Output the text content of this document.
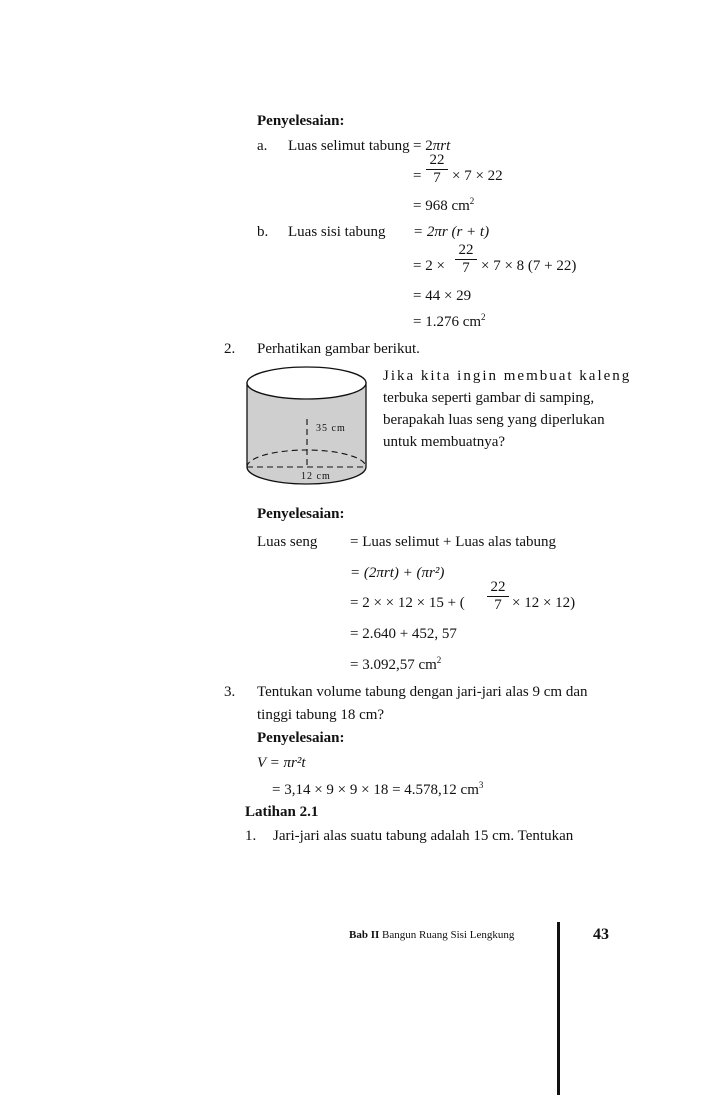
Penyelesaian:
a. Luas selimut tabung = 2πrt
= $\frac{22}{7} \times 7 \times 22$
= 968 $cm^2$
b. Luas sisi tabung = 2πr (r + t)
= $2 \times \frac{22}{7} \times 7 \times 8$ (7 + 22)
= 44 × 29
= 1.276 $cm^2$
2. Perhatikan gambar berikut.
35 cm
12 cm
Jika kita ingin membuat kaleng
terbuka seperti gambar di samping,
berapakah luas seng yang diperlukan
untuk membuatnya?
Penyelesaian:
Luas seng = Luas selimut + Luas alas tabung
= (2πrt) + (πr²)
= 2 × × 12 × 15 + ( $\frac{22}{7} \times 12 \times 12$)
= 2.640 + 452, 57
= 3.092,57 $cm^2$
3. Tentukan volume tabung dengan jari-jari alas 9 cm dan
tinggi tabung 18 cm?
Penyelesaian:
V = πr²t
= 3,14 × 9 × 9 × 18 = 4.578,12 $cm^3$
Latihan 2.1
1. Jari-jari alas suatu tabung adalah 15 cm. Tentukan
Bab II Bangun Ruang Sisi Lengkung	43
